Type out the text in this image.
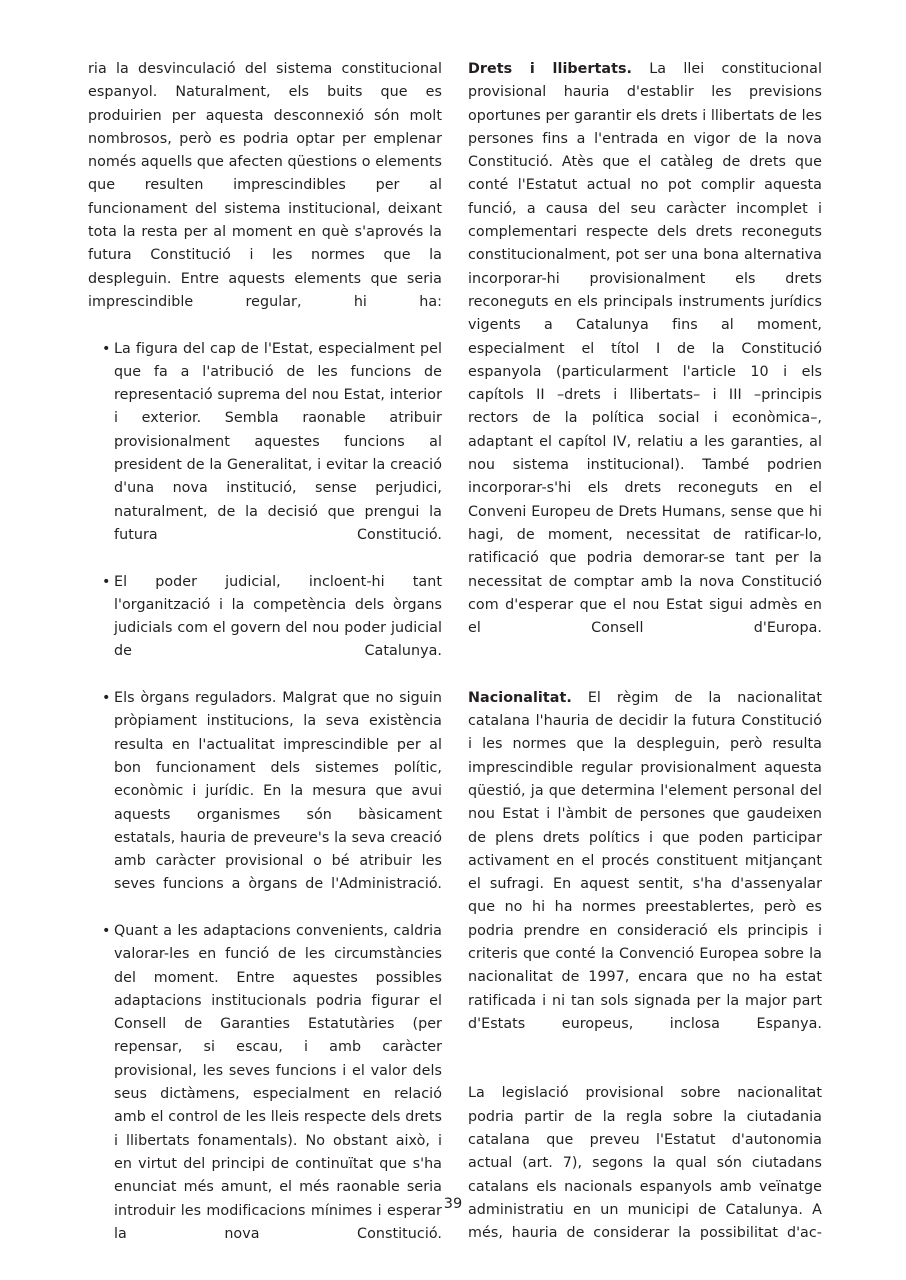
ria la desvinculació del sistema constitucional espanyol. Naturalment, els buits que es produirien per aquesta desconnexió són molt nombrosos, però es podria optar per emplenar només aquells que afecten qüestions o elements que resulten imprescindibles per al funcionament del sistema institucional, deixant tota la resta per al moment en què s'aprovés la futura Constitució i les normes que la despleguin. Entre aquests elements que seria imprescindible regular, hi ha:

• La figura del cap de l'Estat, especialment pel que fa a l'atribució de les funcions de representació suprema del nou Estat, interior i exterior. Sembla raonable atribuir provisionalment aquestes funcions al president de la Generalitat, i evitar la creació d'una nova institució, sense perjudici, naturalment, de la decisió que prengui la futura Constitució.
• El poder judicial, incloent-hi tant l'organització i la competència dels òrgans judicials com el govern del nou poder judicial de Catalunya.
• Els òrgans reguladors. Malgrat que no siguin pròpiament institucions, la seva existència resulta en l'actualitat imprescindible per al bon funcionament dels sistemes polític, econòmic i jurídic. En la mesura que avui aquests organismes són bàsicament estatals, hauria de preveure's la seva creació amb caràcter provisional o bé atribuir les seves funcions a òrgans de l'Administració.
• Quant a les adaptacions convenients, caldria valorar-les en funció de les circumstàncies del moment. Entre aquestes possibles adaptacions institucionals podria figurar el Consell de Garanties Estatutàries (per repensar, si escau, i amb caràcter provisional, les seves funcions i el valor dels seus dictàmens, especialment en relació amb el control de les lleis respecte dels drets i llibertats fonamentals). No obstant això, i en virtut del principi de continuïtat que s'ha enunciat més amunt, el més raonable seria introduir les modificacions mínimes i esperar la nova Constitució.

Drets i llibertats. La llei constitucional provisional hauria d'establir les previsions oportunes per garantir els drets i llibertats de les persones fins a l'entrada en vigor de la nova Constitució. Atès que el catàleg de drets que conté l'Estatut actual no pot complir aquesta funció, a causa del seu caràcter incomplet i complementari respecte dels drets reconeguts constitucionalment, pot ser una bona alternativa incorporar-hi provisionalment els drets reconeguts en els principals instruments jurídics vigents a Catalunya fins al moment, especialment el títol I de la Constitució espanyola (particularment l'article 10 i els capítols II –drets i llibertats– i III –principis rectors de la política social i econòmica–, adaptant el capítol IV, relatiu a les garanties, al nou sistema institucional). També podrien incorporar-s'hi els drets reconeguts en el Conveni Europeu de Drets Humans, sense que hi hagi, de moment, necessitat de ratificar-lo, ratificació que podria demorar-se tant per la necessitat de comptar amb la nova Constitució com d'esperar que el nou Estat sigui admès en el Consell d'Europa.

Nacionalitat. El règim de la nacionalitat catalana l'hauria de decidir la futura Constitució i les normes que la despleguin, però resulta imprescindible regular provisionalment aquesta qüestió, ja que determina l'element personal del nou Estat i l'àmbit de persones que gaudeixen de plens drets polítics i que poden participar activament en el procés constituent mitjançant el sufragi. En aquest sentit, s'ha d'assenyalar que no hi ha normes preestablertes, però es podria prendre en consideració els principis i criteris que conté la Convenció Europea sobre la nacionalitat de 1997, encara que no ha estat ratificada i ni tan sols signada per la major part d'Estats europeus, inclosa Espanya.

La legislació provisional sobre nacionalitat podria partir de la regla sobre la ciutadania catalana que preveu l'Estatut d'autonomia actual (art. 7), segons la qual són ciutadans catalans els nacionals espanyols amb veïnatge administratiu en un municipi de Catalunya. A més, hauria de considerar la possibilitat d'ac-

39
